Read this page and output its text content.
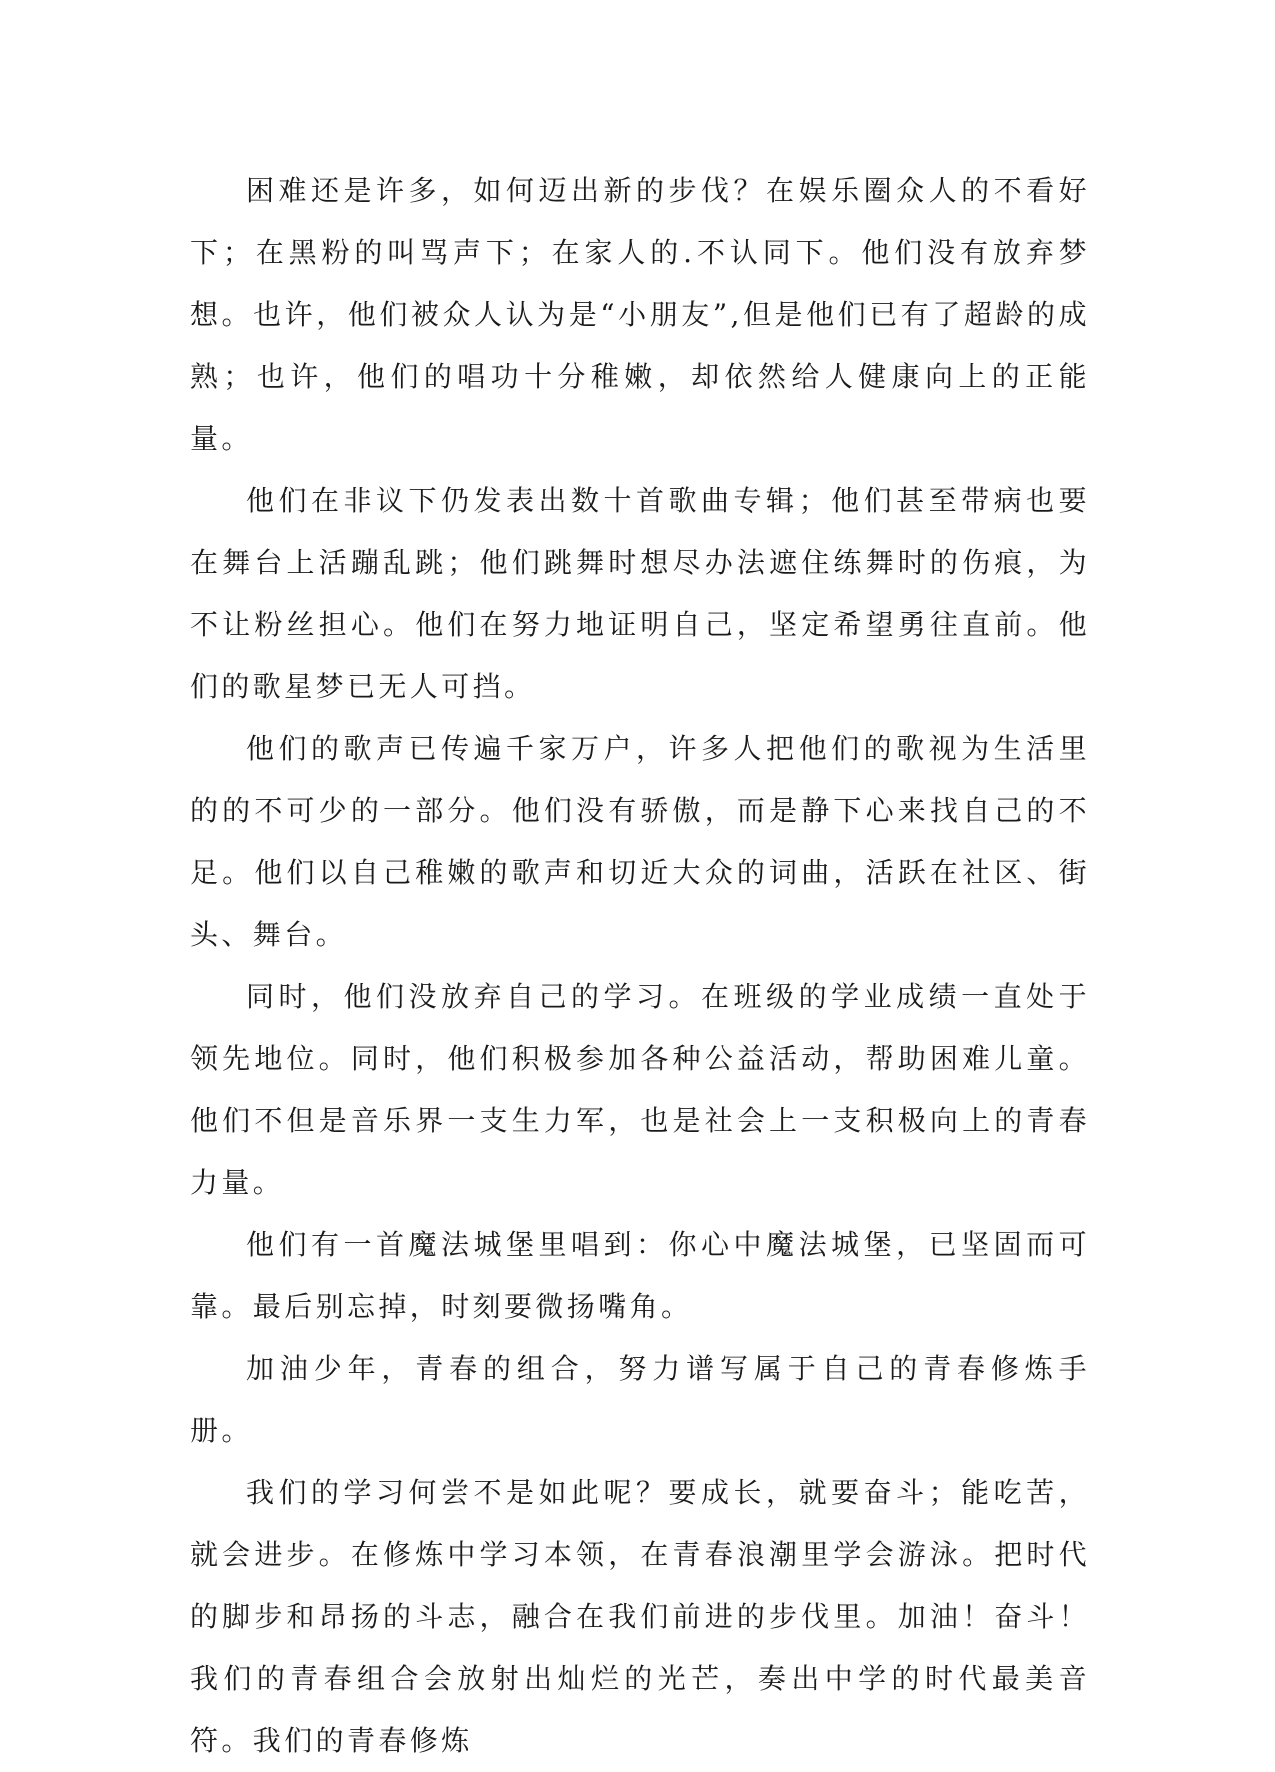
困难还是许多，如何迈出新的步伐？在娱乐圈众人的不看好下；在黑粉的叫骂声下；在家人的.不认同下。他们没有放弃梦想。也许，他们被众人认为是“小朋友”,但是他们已有了超龄的成熟；也许，他们的唱功十分稚嫩，却依然给人健康向上的正能量。

他们在非议下仍发表出数十首歌曲专辑；他们甚至带病也要在舞台上活蹦乱跳；他们跳舞时想尽办法遮住练舞时的伤痕，为不让粉丝担心。他们在努力地证明自己，坚定希望勇往直前。他们的歌星梦已无人可挡。

他们的歌声已传遍千家万户，许多人把他们的歌视为生活里的的不可少的一部分。他们没有骄傲，而是静下心来找自己的不足。他们以自己稚嫩的歌声和切近大众的词曲，活跃在社区、街头、舞台。

同时，他们没放弃自己的学习。在班级的学业成绩一直处于领先地位。同时，他们积极参加各种公益活动，帮助困难儿童。他们不但是音乐界一支生力军，也是社会上一支积极向上的青春力量。

他们有一首魔法城堡里唱到：你心中魔法城堡，已坚固而可靠。最后别忘掉，时刻要微扬嘴角。

加油少年，青春的组合，努力谱写属于自己的青春修炼手册。

我们的学习何尝不是如此呢？要成长，就要奋斗；能吃苦，就会进步。在修炼中学习本领，在青春浪潮里学会游泳。把时代的脚步和昂扬的斗志，融合在我们前进的步伐里。加油！奋斗！我们的青春组合会放射出灿烂的光芒，奏出中学的时代最美音符。我们的青春修炼
